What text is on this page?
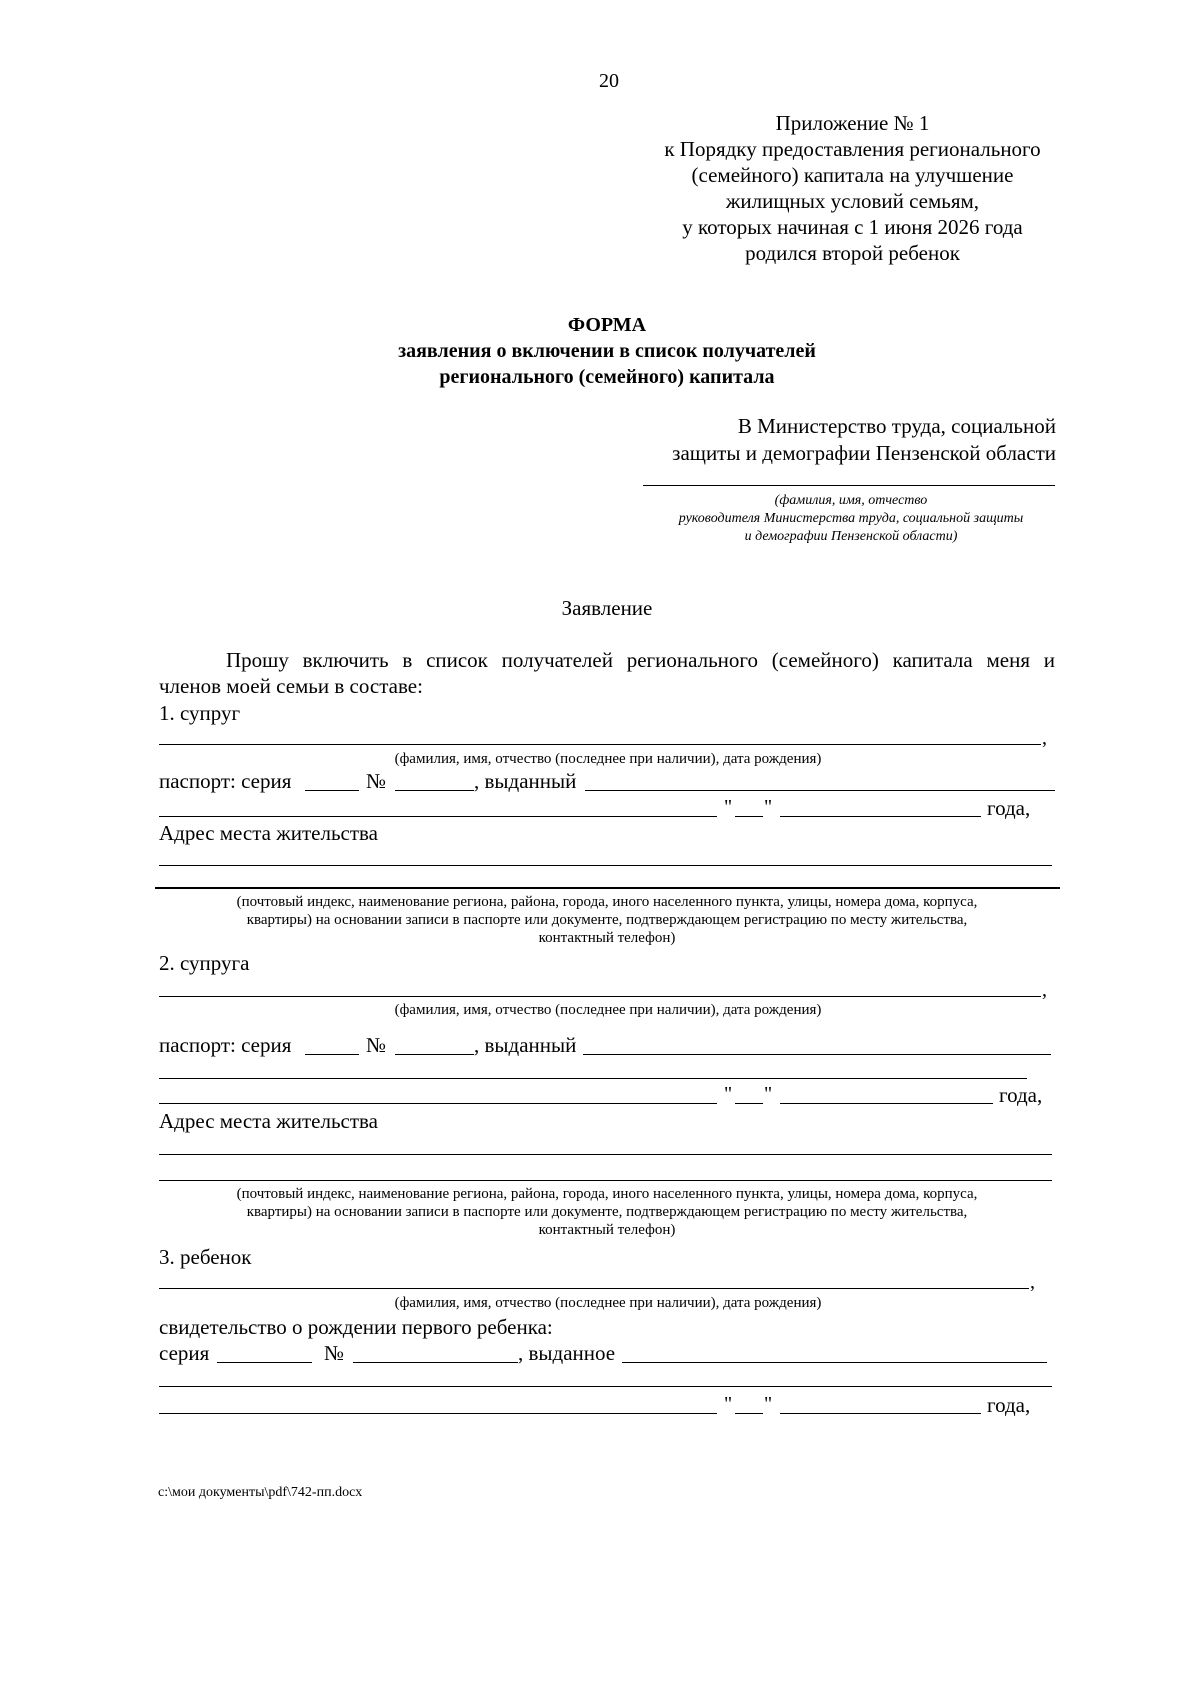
20
Приложение № 1
к Порядку предоставления регионального
(семейного) капитала на улучшение
жилищных условий семьям,
у которых начиная с 1 июня 2026 года
родился второй ребенок
ФОРМА
заявления о включении в список получателей
регионального (семейного) капитала
В Министерство труда, социальной
защиты и демографии Пензенской области
(фамилия, имя, отчество
руководителя Министерства труда, социальной защиты
и демографии Пензенской области)
Заявление
Прошу включить в список получателей регионального (семейного) капитала меня и
членов моей семьи в составе:
1. супруг
,
(фамилия, имя, отчество (последнее при наличии), дата рождения)
паспорт: серия	№	, выданный
" "	года,
Адрес места жительства
(почтовый индекс, наименование региона, района, города, иного населенного пункта, улицы, номера дома, корпуса,
квартиры) на основании записи в паспорте или документе, подтверждающем регистрацию по месту жительства,
контактный телефон)
2. супруга
,
(фамилия, имя, отчество (последнее при наличии), дата рождения)
паспорт: серия	№	, выданный
" "	года,
Адрес места жительства
(почтовый индекс, наименование региона, района, города, иного населенного пункта, улицы, номера дома, корпуса,
квартиры) на основании записи в паспорте или документе, подтверждающем регистрацию по месту жительства,
контактный телефон)
3. ребенок
,
(фамилия, имя, отчество (последнее при наличии), дата рождения)
свидетельство о рождении первого ребенка:
серия	№	, выданное
" "	года,
c:\мои документы\pdf\742-пп.docx
